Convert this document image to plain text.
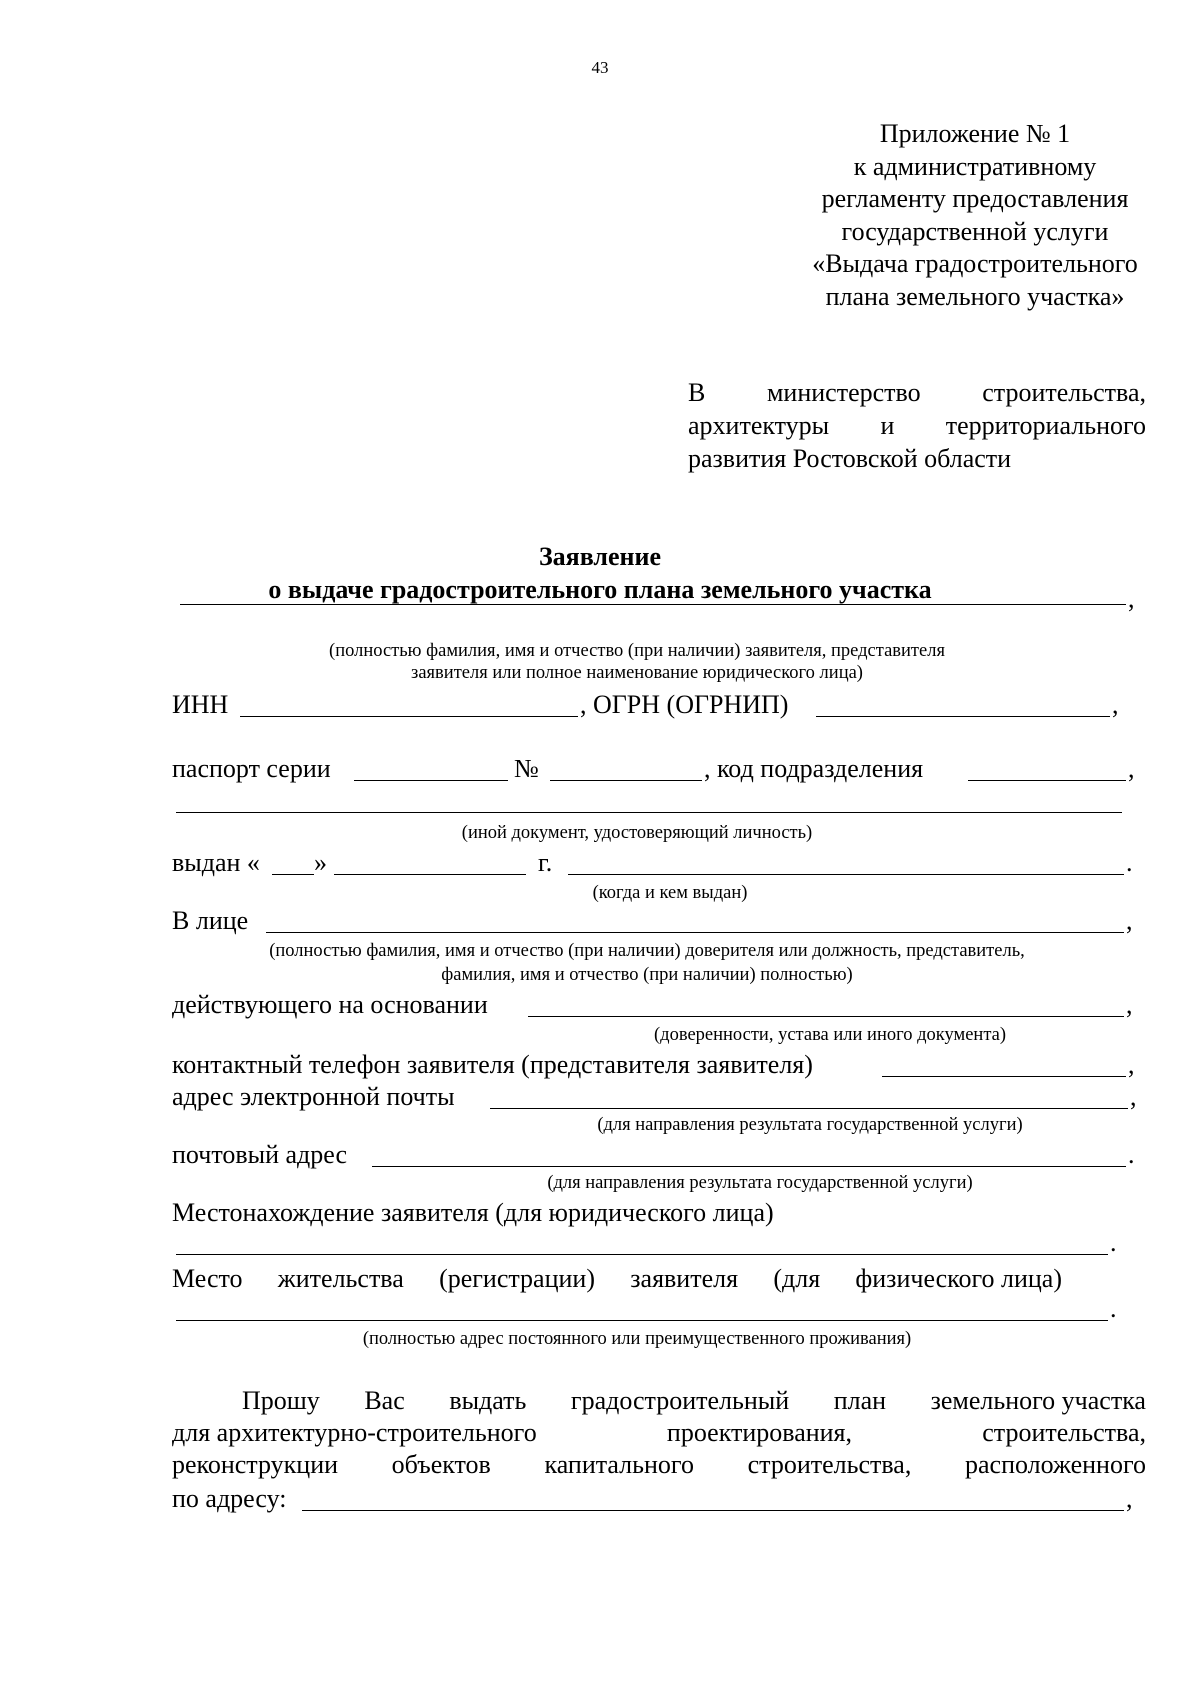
43
Приложение № 1
к административному
регламенту предоставления
государственной услуги
«Выдача градостроительного
плана земельного участка»
В министерство строительства,
архитектуры и территориального
развития Ростовской области
Заявление
о выдаче градостроительного плана земельного участка	,
(полностью фамилия, имя и отчество (при наличии) заявителя, представителя
заявителя или полное наименование юридического лица)
ИНН	, ОГРН (ОГРНИП)	,
паспорт серии	№	, код подразделения	,
(иной документ, удостоверяющий личность)
выдан « »	г.	.
(когда и кем выдан)
В лице	,
(полностью фамилия, имя и отчество (при наличии) доверителя или должность, представитель,
фамилия, имя и отчество (при наличии) полностью)
действующего на основании	,
(доверенности, устава или иного документа)
контактный телефон заявителя (представителя заявителя)	,
адрес электронной почты	,
(для направления результата государственной услуги)
почтовый адрес	.
(для направления результата государственной услуги)
Местонахождение заявителя (для юридического лица)
.
Место жительства (регистрации) заявителя (для физического лица)
.
(полностью адрес постоянного или преимущественного проживания)
Прошу Вас выдать градостроительный план земельного участка
для архитектурно-строительного	проектирования,	строительства,
реконструкции объектов капитального строительства, расположенного
по адресу:	,
